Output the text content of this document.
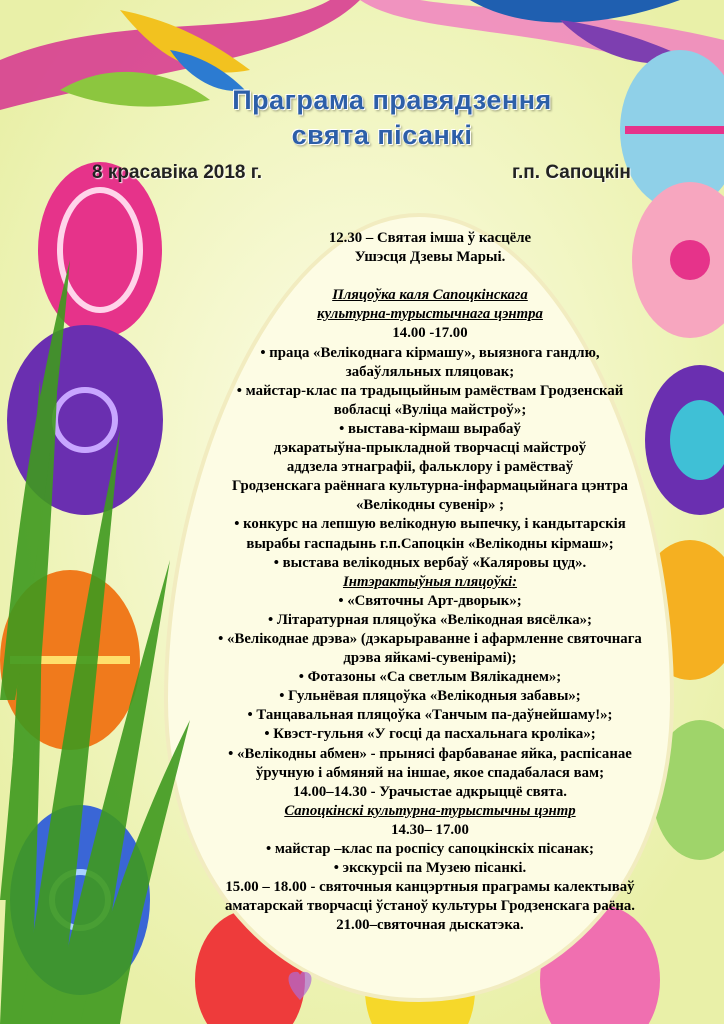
Праграма правядзення
свята пісанкі
8 красавіка 2018 г.	г.п. Сапоцкін
12.30 – Святая імша ў касцёле
Ушэсця Дзевы Марыі.

Пляцоўка каля Сапоцкінскага
культурна-турыстычнага цэнтра
14.00 -17.00
• праца «Велікоднага кірмашу», выязнога гандлю,
забаўляльных пляцовак;
• майстар-клас па традыцыйным рамёствам Гродзенскай
вобласці «Вуліца майстроў»;
• выстава-кірмаш вырабаў
дэкаратыўна-прыкладной творчасці майстроў
аддзела этнаграфіі, фальклору і рамёстваў
Гродзенскага раённага культурна-інфармацыйнага цэнтра
«Велікодны сувенір» ;
• конкурс на лепшую велікодную выпечку, і кандытарскія
вырабы гаспадынь г.п.Сапоцкін «Велікодны кірмаш»;
• выстава велікодных вербаў «Каляровы цуд».
Інтэрактыўныя пляцоўкі:
• «Святочны Арт-дворык»;
• Літаратурная пляцоўка «Велікодная вясёлка»;
• «Велікоднае дрэва» (дэкарыраванне і афармленне святочнага
дрэва яйкамі-сувенірамі);
• Фотазоны «Са светлым Вялікаднем»;
• Гульнёвая пляцоўка «Велікодныя забавы»;
• Танцавальная пляцоўка «Танчым па-даўнейшаму!»;
• Квэст-гульня «У госці да пасхальнага кроліка»;
• «Велікодны абмен» - прынясі фарбаванае яйка, распісанае
ўручную і абмяняй на іншае, якое спадабалася вам;
14.00–14.30 - Урачыстае адкрыццё свята.
Сапоцкінскі культурна-турыстычны цэнтр
14.30– 17.00
• майстар –клас па роспісу сапоцкінскіх пісанак;
• экскурсіі па Музею пісанкі.
15.00 – 18.00 - святочныя канцэртныя праграмы калектываў
аматарскай творчасці ўстаноў культуры Гродзенскага раёна.
21.00–святочная дыскатэка.
